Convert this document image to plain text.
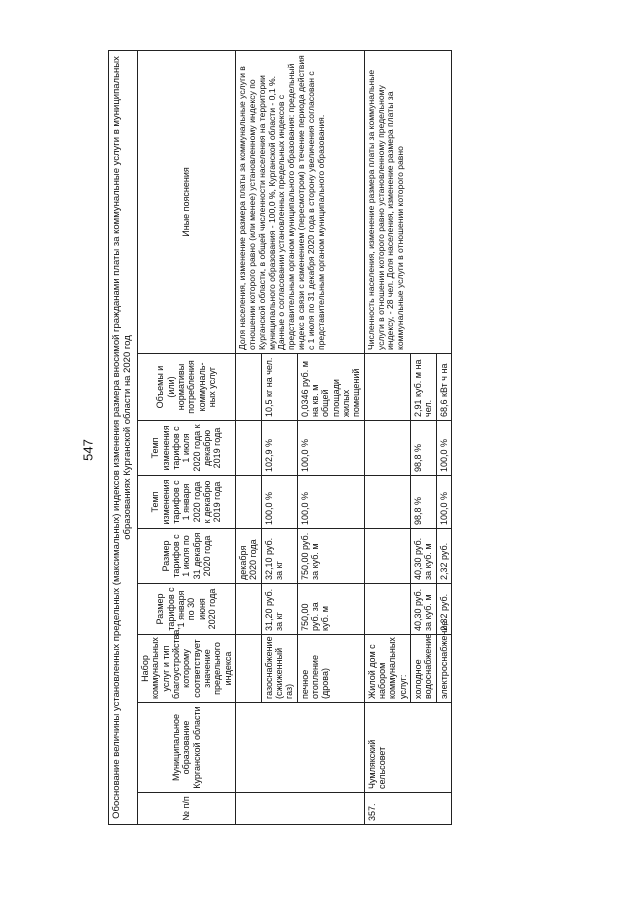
547 Обоснование величины установленных предельных (максимальных) индексов изменения размера вносимой гражданами платы за коммунальные услуги в муниципальных образованиях Курганской области на 2020 год								
№ п/п	Муниципальное образование Курганской области	Набор коммунальных услуг и тип благоустройства, которому соответствует значение предельного индекса	Размер тарифов с 1 января по 30 июня 2020 года	Размер тарифов с 1 июля по 31 декабря 2020 года	Темп изменения тарифов с 1 января 2020 года к декабрю 2019 года	Темп изменения тарифов с 1 июля 2020 года к декабрю 2019 года	Объемы и (или) нормативы потребления коммуналь-ных услуг	Иные пояснения
				декабря 2020 года				Доля населения, изменение размера платы за коммунальные услуги в отношении которого равно (или менее) установленному индексу по Курганской области, в общей численности населения на территории муниципального образования - 100,0 %, Курганской области - 0,1 %. Данные о согласовании установленных предельных индексов с представительным органом муниципального образования: предельный индекс в связи с изменением (пересмотром) в течение периода действия с 1 июля по 31 декабря 2020 года в сторону увеличения согласован с представительным органом муниципального образования.
		газоснабжение (сжиженный газ)	31,20 руб. за кг	32,10 руб. за кг	100,0 %	102,9 %	10,5 кг на чел.	
		печное отопление (дрова)	750,00 руб. за куб. м	750,00 руб. за куб. м	100,0 %	100,0 %	0,0346 руб. м на кв. м общей площади жилых помещений	
357.	Чумлякский сельсовет	Жилой дом с набором коммунальных услуг:						Численность населения, изменение размера платы за коммунальные услуги в отношении которого равно установленному предельному индексу, - 28 чел. Доля населения, изменение размера платы за коммунальные услуги в отношении которого равно
		холодное водоснабжение	40,30 руб. за куб. м	40,30 руб. за куб. м	98,8 %	98,8 %	2,91 куб. м на чел.	
		электроснабжение	2,32 руб.	2,32 руб.	100,0 %	100,0 %	68,6 кВт ч на	
